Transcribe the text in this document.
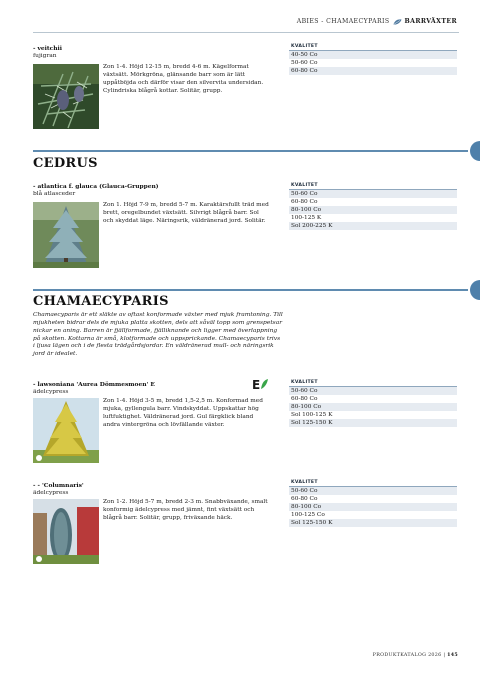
ABIES - CHAMAECYPARIS BARRVÄXTER
- veitchii
fujigran
Zon 1-4. Höjd 12-15 m, bredd 4-6 m. Kägelformat växtsätt. Mörkgröna, glänsande barr som är lätt uppåtböjda och därför visar den silvervita undersidan. Cylindriska blågrå kottar. Solitär, grupp.
KVALITET
40-50 Co
50-60 Co
60-80 Co
CEDRUS
- atlantica f. glauca (Glauca-Gruppen)
blå atlasceder
Zon 1. Höjd 7-9 m, bredd 5-7 m. Karaktärsfullt träd med brett, oregelbundet växtsätt. Silvrigt blågrå barr. Sol och skyddat läge. Näringsrik, väldränerad jord. Solitär.
KVALITET
50-60 Co
60-80 Co
80-100 Co
100-125 K
Sol 200-225 K
CHAMAECYPARIS
Chamaecyparis är ett släkte av oftast konformade växter med mjuk framtoning. Till mjukheten bidrar dels de mjuka platta skotten, dels att såväl topp som grenspetsar nickar en aning. Barren är fjällformade, fjälliknande och ligger med överlappning på skotten. Kottarna är små, klotformade och uppsprickande. Chamaecyparis trivs i ljusa lägen och i de flesta trädgårdsjordar. En väldränerad mull- och näringsrik jord är idealet.
- lawsoniana 'Aurea Dömmesmoen' E	E
ädelcypress
Zon 1-4. Höjd 3-5 m, bredd 1,5-2,5 m. Konformad med mjuka, gyllengula barr. Vindskyddat. Uppskattar hög luftfuktighet. Väldränerad jord. Gul färgklick bland andra vintergröna och lövfällande växter.
KVALITET
50-60 Co
60-80 Co
80-100 Co
Sol 100-125 K
Sol 125-150 K
- - 'Columnaris'
ädelcypress
Zon 1-2. Höjd 5-7 m, bredd 2-3 m. Snabbväxande, smalt konformig ädelcypress med jämnt, fint växtsätt och blågrå barr. Solitär, grupp, friväxande häck.
KVALITET
50-60 Co
60-80 Co
80-100 Co
100-125 Co
Sol 125-150 K
PRODUKTKATALOG 2026 | 145
